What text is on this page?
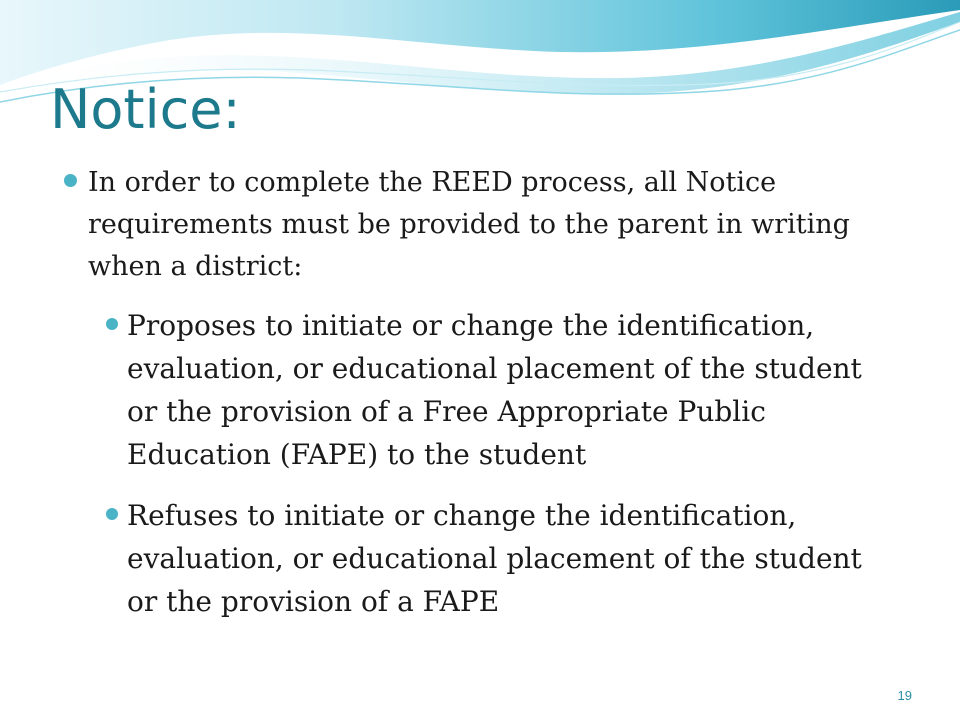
Notice:
In order to complete the REED process, all Notice requirements must be provided to the parent in writing when a district:
Proposes to initiate or change the identification, evaluation, or educational placement of the student or the provision of a Free Appropriate Public Education (FAPE) to the student
Refuses to initiate or change the identification, evaluation, or educational placement of the student or the provision of a FAPE
19
